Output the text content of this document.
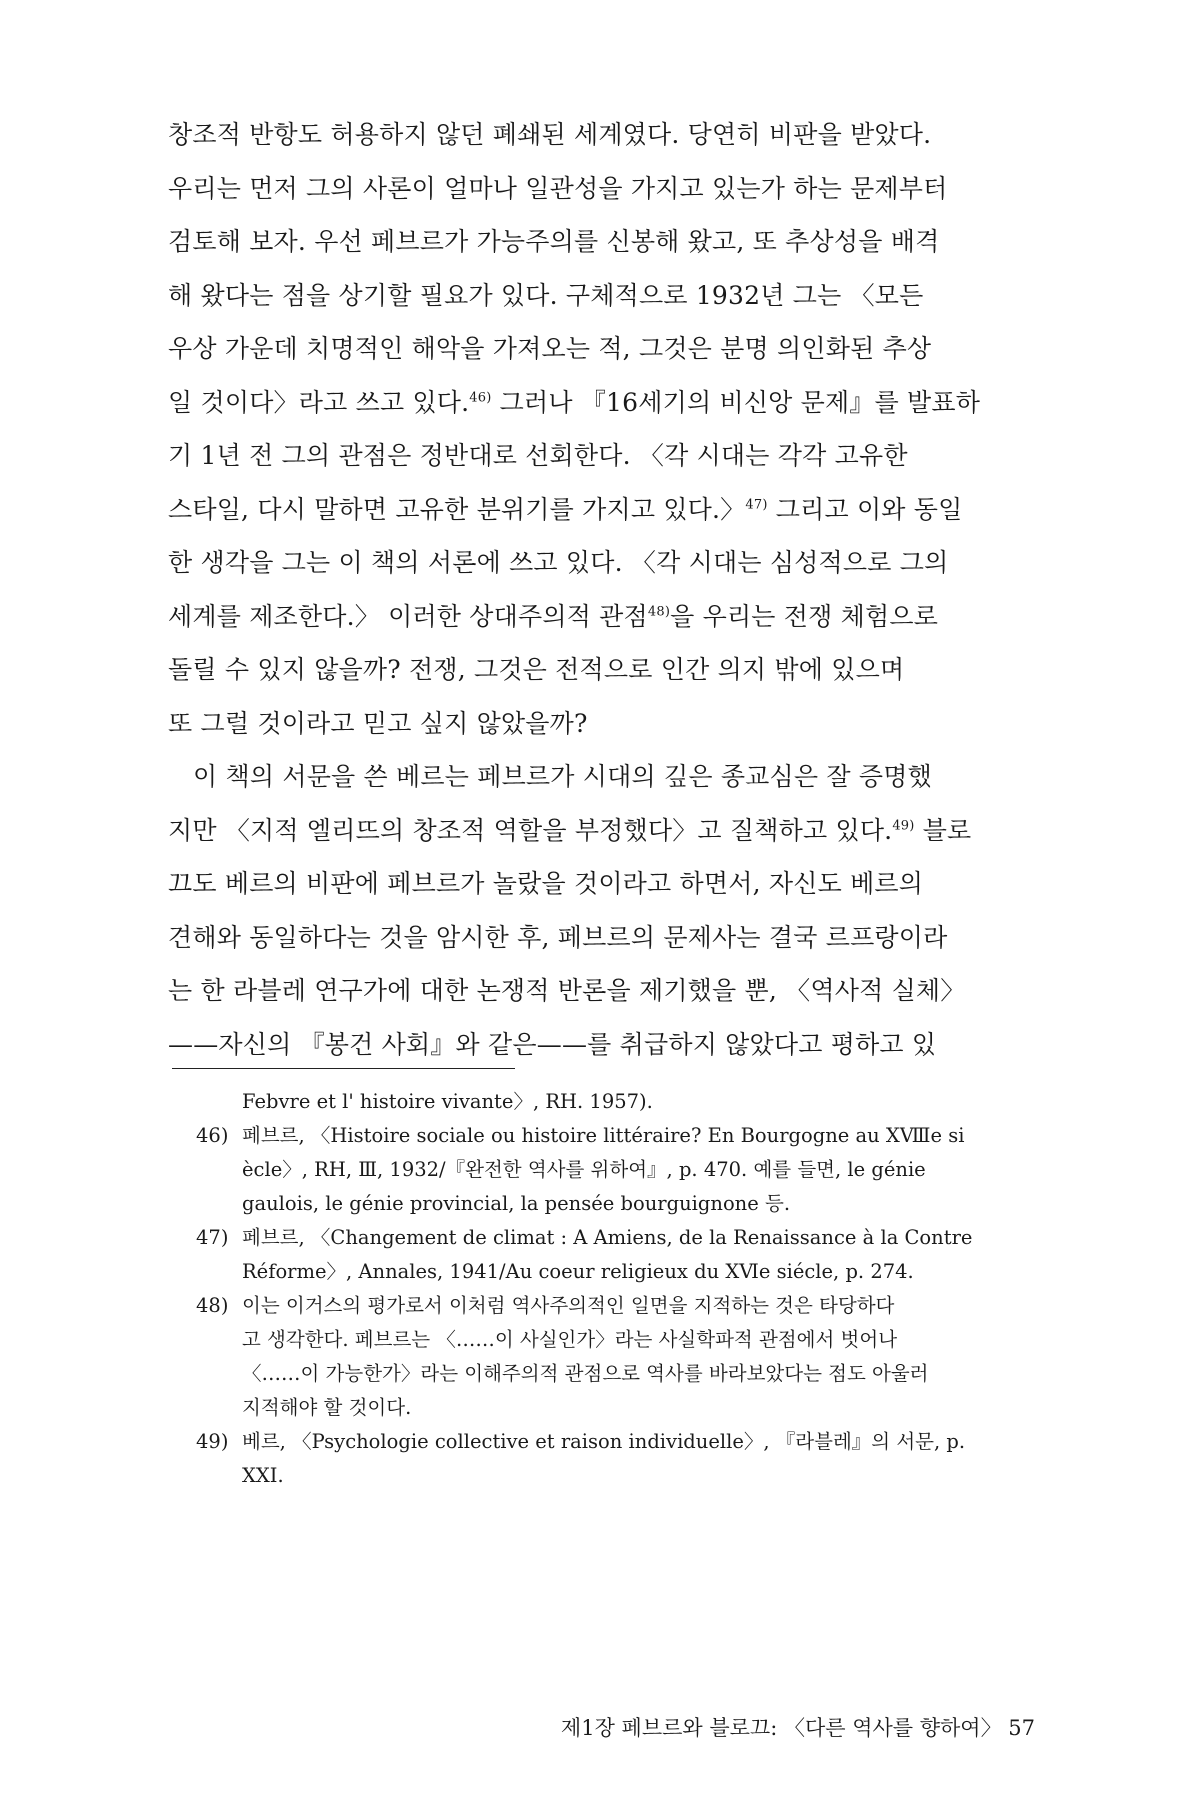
창조적 반항도 허용하지 않던 폐쇄된 세계였다. 당연히 비판을 받았다.
우리는 먼저 그의 사론이 얼마나 일관성을 가지고 있는가 하는 문제부터
검토해 보자. 우선 페브르가 가능주의를 신봉해 왔고, 또 추상성을 배격
해 왔다는 점을 상기할 필요가 있다. 구체적으로 1932년 그는 〈모든
우상 가운데 치명적인 해악을 가져오는 적, 그것은 분명 의인화된 추상
일 것이다〉라고 쓰고 있다.$^{46)}$ 그러나 『16세기의 비신앙 문제』를 발표하
기 1년 전 그의 관점은 정반대로 선회한다. 〈각 시대는 각각 고유한
스타일, 다시 말하면 고유한 분위기를 가지고 있다.〉$^{47)}$ 그리고 이와 동일
한 생각을 그는 이 책의 서론에 쓰고 있다. 〈각 시대는 심성적으로 그의
세계를 제조한다.〉 이러한 상대주의적 관점$^{48)}$을 우리는 전쟁 체험으로
돌릴 수 있지 않을까? 전쟁, 그것은 전적으로 인간 의지 밖에 있으며
또 그럴 것이라고 믿고 싶지 않았을까?
이 책의 서문을 쓴 베르는 페브르가 시대의 깊은 종교심은 잘 증명했
지만 〈지적 엘리뜨의 창조적 역할을 부정했다〉고 질책하고 있다.$^{49)}$ 블로
끄도 베르의 비판에 페브르가 놀랐을 것이라고 하면서, 자신도 베르의
견해와 동일하다는 것을 암시한 후, 페브르의 문제사는 결국 르프랑이라
는 한 라블레 연구가에 대한 논쟁적 반론을 제기했을 뿐, 〈역사적 실체〉
——자신의 『봉건 사회』와 같은——를 취급하지 않았다고 평하고 있
Febvre et l' histoire vivante〉, RH. 1957).
46) 페브르, 〈Histoire sociale ou histoire littéraire? En Bourgogne au XⅧe si
ècle〉, RH, Ⅲ, 1932/『완전한 역사를 위하여』, p. 470. 예를 들면, le génie
gaulois, le génie provincial, la pensée bourguignone 등.
47) 페브르, 〈Changement de climat : A Amiens, de la Renaissance à la Contre
Réforme〉, Annales, 1941/Au coeur religieux du XⅥe siécle, p. 274.
48) 이는 이거스의 평가로서 이처럼 역사주의적인 일면을 지적하는 것은 타당하다
고 생각한다. 페브르는 〈……이 사실인가〉라는 사실학파적 관점에서 벗어나
〈……이 가능한가〉라는 이해주의적 관점으로 역사를 바라보았다는 점도 아울러
지적해야 할 것이다.
49) 베르, 〈Psychologie collective et raison individuelle〉, 『라블레』의 서문, p.
XXI.
제1장 페브르와 블로끄: 〈다른 역사를 향하여〉 57
